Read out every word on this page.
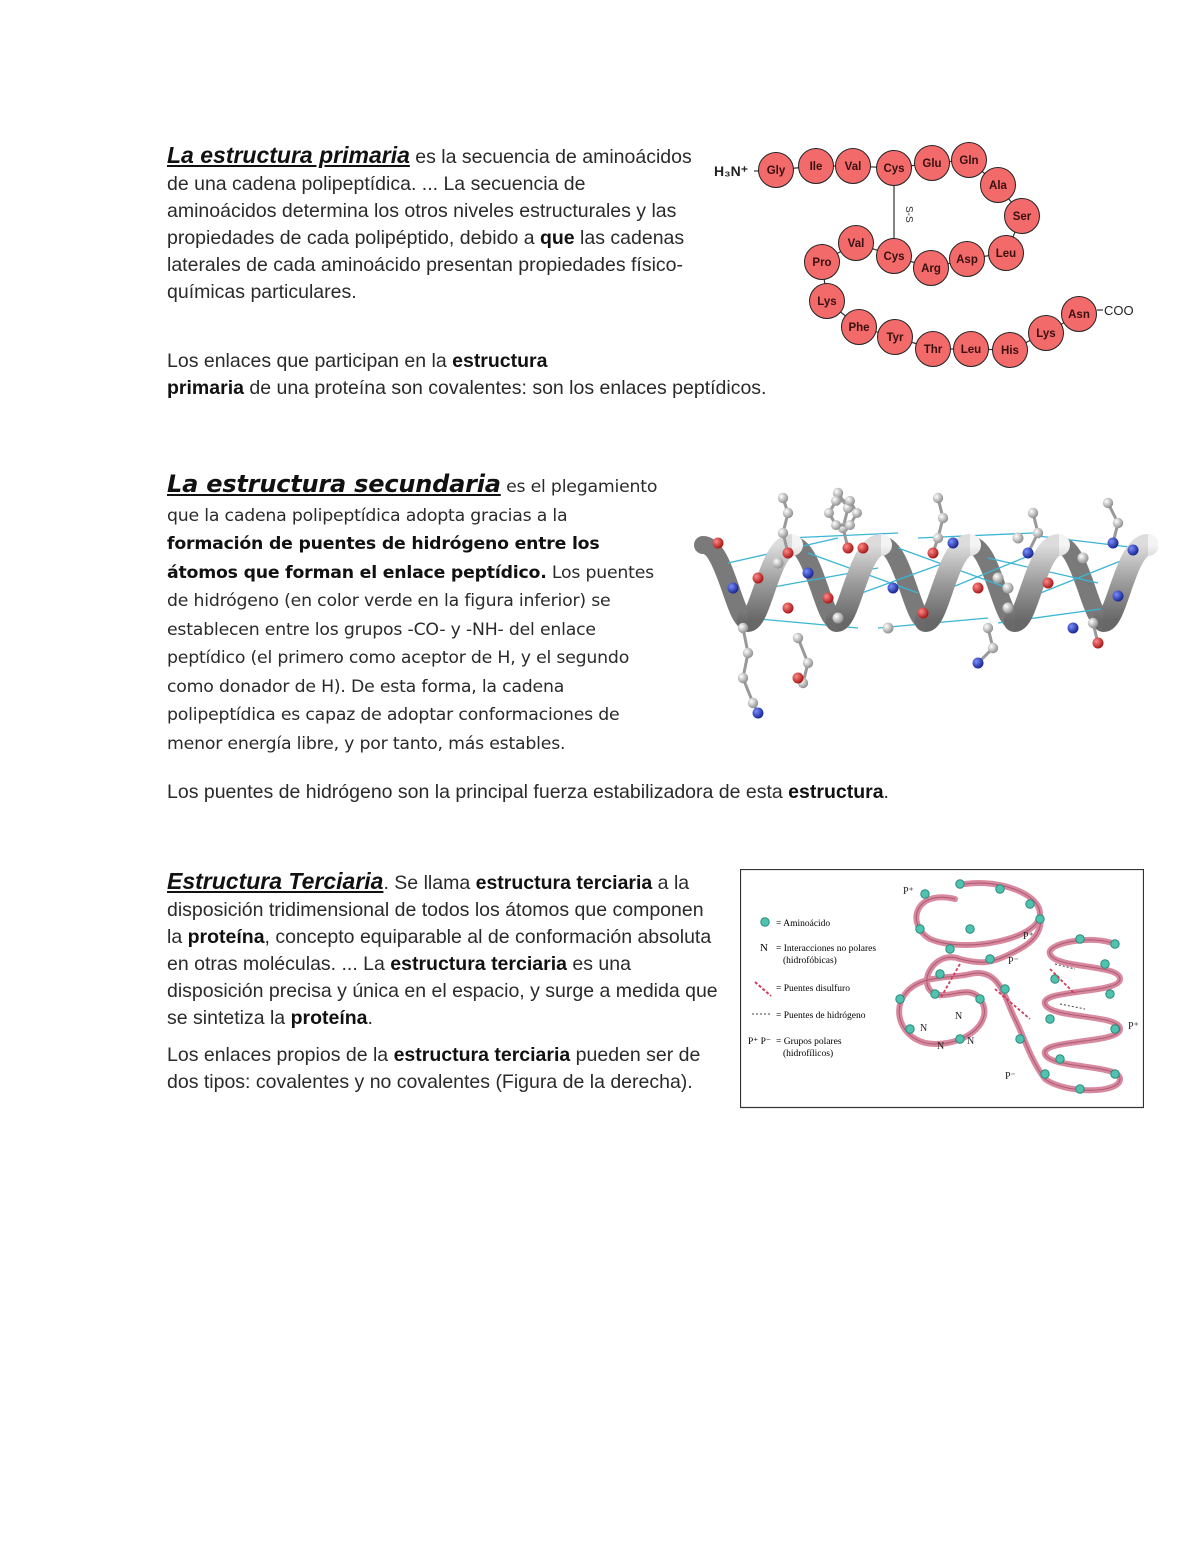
La estructura primaria es la secuencia de aminoácidos de una cadena polipeptídica. ... La secuencia de aminoácidos determina los otros niveles estructurales y las propiedades de cada polipéptido, debido a que las cadenas laterales de cada aminoácido presentan propiedades físico-químicas particulares.

Los enlaces que participan en la estructura
primaria de una proteína son covalentes: son los enlaces peptídicos.

S-S
H₃N⁺ Gly Ile Val Cys Glu Gln
Ala
Ser
Leu
Asp
Arg
Cys
Val
Pro
Lys
Phe
Tyr
Thr Leu His
Lys
Asn COO

La estructura secundaria es el plegamiento que la cadena polipeptídica adopta gracias a la formación de puentes de hidrógeno entre los átomos que forman el enlace peptídico. Los puentes de hidrógeno (en color verde en la figura inferior) se establecen entre los grupos -CO- y -NH- del enlace peptídico (el primero como aceptor de H, y el segundo como donador de H). De esta forma, la cadena polipeptídica es capaz de adoptar conformaciones de menor energía libre, y por tanto, más estables.

Los puentes de hidrógeno son la principal fuerza estabilizadora de esta estructura.

Estructura Terciaria. Se llama estructura terciaria a la disposición tridimensional de todos los átomos que componen la proteína, concepto equiparable al de conformación absoluta en otras moléculas. ... La estructura terciaria es una disposición precisa y única en el espacio, y surge a medida que se sintetiza la proteína.

Los enlaces propios de la estructura terciaria pueden ser de dos tipos: covalentes y no covalentes (Figura de la derecha).

= Aminoácido
N = Interacciones no polares
(hidrofóbicas)
= Puentes disulfuro
= Puentes de hidrógeno
P⁺ P⁻ = Grupos polares
(hidrofílicos)
P⁺
P⁺
P⁺
P⁻
P⁻
N
N
N N
